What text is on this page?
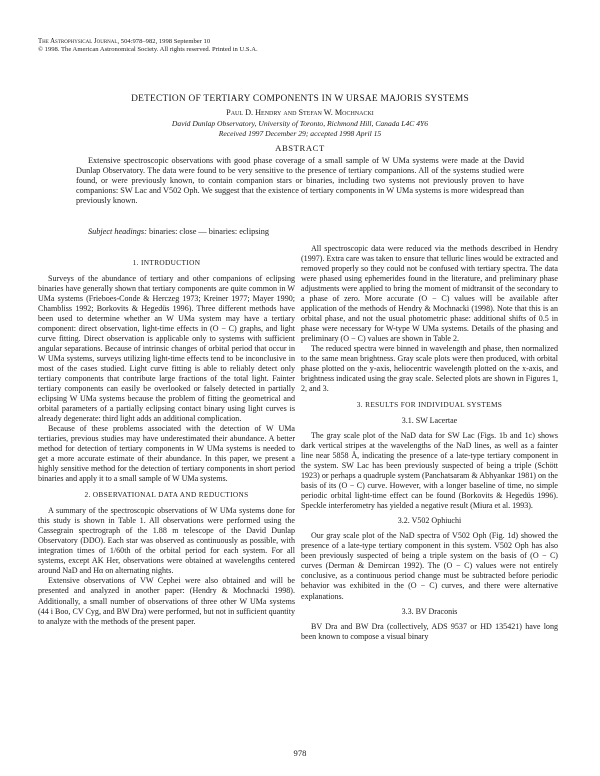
The Astrophysical Journal, 504:978–982, 1998 September 10
© 1998. The American Astronomical Society. All rights reserved. Printed in U.S.A.
DETECTION OF TERTIARY COMPONENTS IN W URSAE MAJORIS SYSTEMS
Paul D. Hendry and Stefan W. Mochnacki
David Dunlap Observatory, University of Toronto, Richmond Hill, Canada L4C 4Y6
Received 1997 December 29; accepted 1998 April 15
ABSTRACT

Extensive spectroscopic observations with good phase coverage of a small sample of W UMa systems were made at the David Dunlap Observatory. The data were found to be very sensitive to the presence of tertiary companions. All of the systems studied were found, or were previously known, to contain companion stars or binaries, including two systems not previously proven to have companions: SW Lac and V502 Oph. We suggest that the existence of tertiary components in W UMa systems is more widespread than previously known.

Subject headings: binaries: close — binaries: eclipsing
1. INTRODUCTION

Surveys of the abundance of tertiary and other companions of eclipsing binaries have generally shown that tertiary components are quite common in W UMa systems (Frieboes-Conde & Herczeg 1973; Kreiner 1977; Mayer 1990; Chambliss 1992; Borkovits & Hegedüs 1996). Three different methods have been used to determine whether an W UMa system may have a tertiary component: direct observation, light-time effects in (O − C) graphs, and light curve fitting. Direct observation is applicable only to systems with sufficient angular separations. Because of intrinsic changes of orbital period that occur in W UMa systems, surveys utilizing light-time effects tend to be inconclusive in most of the cases studied. Light curve fitting is able to reliably detect only tertiary components that contribute large fractions of the total light. Fainter tertiary components can easily be overlooked or falsely detected in partially eclipsing W UMa systems because the problem of fitting the geometrical and orbital parameters of a partially eclipsing contact binary using light curves is already degenerate: third light adds an additional complication.

Because of these problems associated with the detection of W UMa tertiaries, previous studies may have underestimated their abundance. A better method for detection of tertiary components in W UMa systems is needed to get a more accurate estimate of their abundance. In this paper, we present a highly sensitive method for the detection of tertiary components in short period binaries and apply it to a small sample of W UMa systems.

2. OBSERVATIONAL DATA AND REDUCTIONS

A summary of the spectroscopic observations of W UMa systems done for this study is shown in Table 1. All observations were performed using the Cassegrain spectrograph of the 1.88 m telescope of the David Dunlap Observatory (DDO). Each star was observed as continuously as possible, with integration times of 1/60th of the orbital period for each system. For all systems, except AK Her, observations were obtained at wavelengths centered around NaD and Hα on alternating nights.

Extensive observations of VW Cephei were also obtained and will be presented and analyzed in another paper: (Hendry & Mochnacki 1998). Additionally, a small number of observations of three other W UMa systems (44 i Boo, CV Cyg, and BW Dra) were performed, but not in sufficient quantity to analyze with the methods of the present paper.

All spectroscopic data were reduced via the methods described in Hendry (1997). Extra care was taken to ensure that telluric lines would be extracted and removed properly so they could not be confused with tertiary spectra. The data were phased using ephemerides found in the literature, and preliminary phase adjustments were applied to bring the moment of midtransit of the secondary to a phase of zero. More accurate (O − C) values will be available after application of the methods of Hendry & Mochnacki (1998). Note that this is an orbital phase, and not the usual photometric phase: additional shifts of 0.5 in phase were necessary for W-type W UMa systems. Details of the phasing and preliminary (O − C) values are shown in Table 2.

The reduced spectra were binned in wavelength and phase, then normalized to the same mean brightness. Gray scale plots were then produced, with orbital phase plotted on the y-axis, heliocentric wavelength plotted on the x-axis, and brightness indicated using the gray scale. Selected plots are shown in Figures 1, 2, and 3.

3. RESULTS FOR INDIVIDUAL SYSTEMS
3.1. SW Lacertae

The gray scale plot of the NaD data for SW Lac (Figs. 1b and 1c) shows dark vertical stripes at the wavelengths of the NaD lines, as well as a fainter line near 5858 Å, indicating the presence of a late-type tertiary component in the system. SW Lac has been previously suspected of being a triple (Schött 1923) or perhaps a quadruple system (Panchatsaram & Abhyankar 1981) on the basis of its (O − C) curve. However, with a longer baseline of time, no simple periodic orbital light-time effect can be found (Borkovits & Hegedüs 1996). Speckle interferometry has yielded a negative result (Miura et al. 1993).

3.2. V502 Ophiuchi

Our gray scale plot of the NaD spectra of V502 Oph (Fig. 1d) showed the presence of a late-type tertiary component in this system. V502 Oph has also been previously suspected of being a triple system on the basis of (O − C) curves (Derman & Demircan 1992). The (O − C) values were not entirely conclusive, as a continuous period change must be subtracted before periodic behavior was exhibited in the (O − C) curves, and there were alternative explanations.

3.3. BV Draconis

BV Dra and BW Dra (collectively, ADS 9537 or HD 135421) have long been known to compose a visual binary

978
